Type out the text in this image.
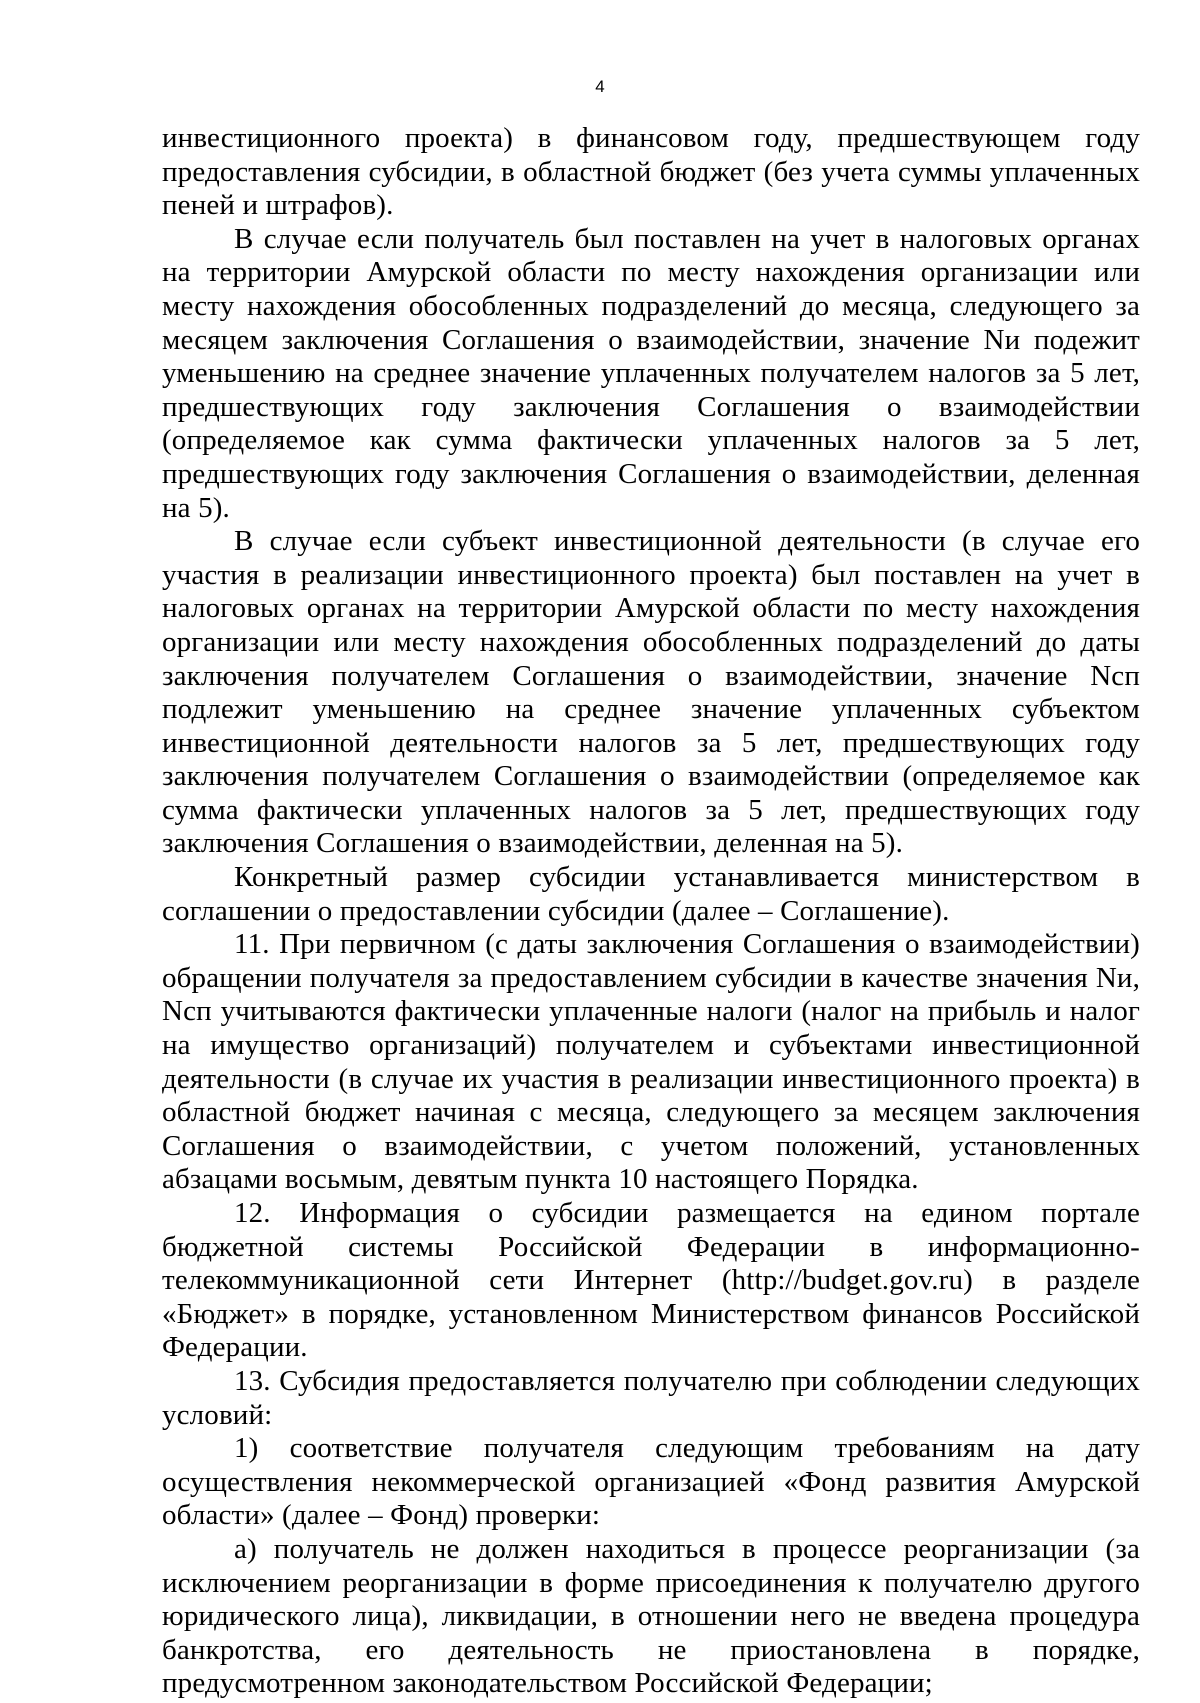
4

инвестиционного проекта) в финансовом году, предшествующем году предоставления субсидии, в областной бюджет (без учета суммы уплаченных пеней и штрафов).

В случае если получатель был поставлен на учет в налоговых органах на территории Амурской области по месту нахождения организации или месту нахождения обособленных подразделений до месяца, следующего за месяцем заключения Соглашения о взаимодействии, значение Nи подежит уменьшению на среднее значение уплаченных получателем налогов за 5 лет, предшествующих году заключения Соглашения о взаимодействии (определяемое как сумма фактически уплаченных налогов за 5 лет, предшествующих году заключения Соглашения о взаимодействии, деленная на 5).

В случае если субъект инвестиционной деятельности (в случае его участия в реализации инвестиционного проекта) был поставлен на учет в налоговых органах на территории Амурской области по месту нахождения организации или месту нахождения обособленных подразделений до даты заключения получателем Соглашения о взаимодействии, значение Nсп подлежит уменьшению на среднее значение уплаченных субъектом инвестиционной деятельности налогов за 5 лет, предшествующих году заключения получателем Соглашения о взаимодействии (определяемое как сумма фактически уплаченных налогов за 5 лет, предшествующих году заключения Соглашения о взаимодействии, деленная на 5).

Конкретный размер субсидии устанавливается министерством в соглашении о предоставлении субсидии (далее – Соглашение).

11. При первичном (с даты заключения Соглашения о взаимодействии) обращении получателя за предоставлением субсидии в качестве значения Nи, Nсп учитываются фактически уплаченные налоги (налог на прибыль и налог на имущество организаций) получателем и субъектами инвестиционной деятельности (в случае их участия в реализации инвестиционного проекта) в областной бюджет начиная с месяца, следующего за месяцем заключения Соглашения о взаимодействии, с учетом положений, установленных абзацами восьмым, девятым пункта 10 настоящего Порядка.

12. Информация о субсидии размещается на едином портале бюджетной системы Российской Федерации в информационно-телекоммуникационной сети Интернет (http://budget.gov.ru) в разделе «Бюджет» в порядке, установленном Министерством финансов Российской Федерации.

13. Субсидия предоставляется получателю при соблюдении следующих условий:

1) соответствие получателя следующим требованиям на дату осуществления некоммерческой организацией «Фонд развития Амурской области» (далее – Фонд) проверки:

а) получатель не должен находиться в процессе реорганизации (за исключением реорганизации в форме присоединения к получателю другого юридического лица), ликвидации, в отношении него не введена процедура банкротства, его деятельность не приостановлена в порядке, предусмотренном законодательством Российской Федерации;
